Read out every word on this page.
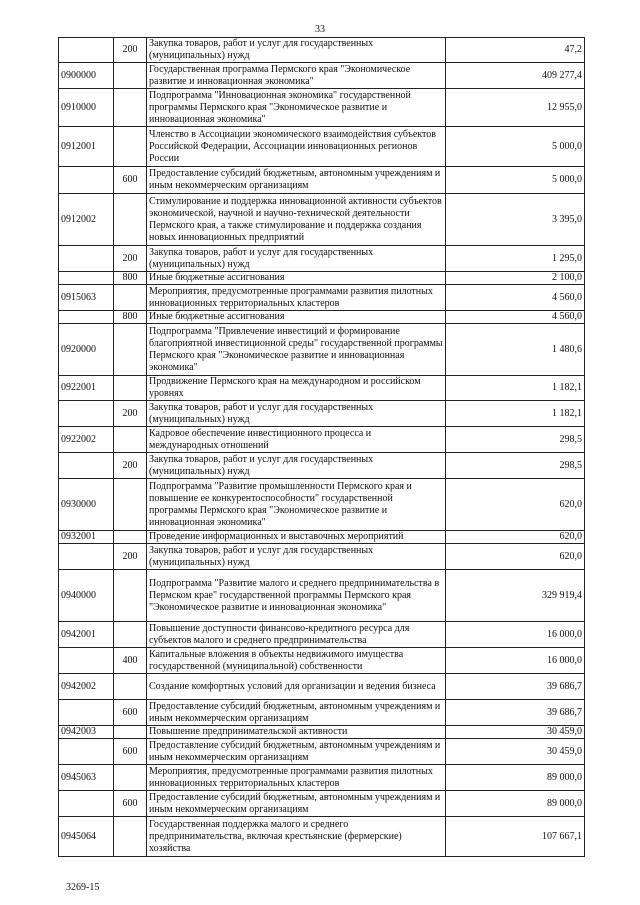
33
	200	Закупка товаров, работ и услуг для государственных (муниципальных) нужд	47,2
0900000		Государственная программа Пермского края "Экономическое развитие и инновационная экономика"	409 277,4
0910000		Подпрограмма "Инновационная экономика" государственной программы Пермского края "Экономическое развитие и инновационная экономика"	12 955,0
0912001		Членство в Ассоциации экономического взаимодействия субъектов Российской Федерации, Ассоциации инновационных регионов России	5 000,0
	600	Предоставление субсидий бюджетным, автономным учреждениям и иным некоммерческим организациям	5 000,0
0912002		Стимулирование и поддержка инновационной активности субъектов экономической, научной и научно-технической деятельности Пермского края, а также стимулирование и поддержка создания новых инновационных предприятий	3 395,0
	200	Закупка товаров, работ и услуг для государственных (муниципальных) нужд	1 295,0
	800	Иные бюджетные ассигнования	2 100,0
0915063		Мероприятия, предусмотренные программами развития пилотных инновационных территориальных кластеров	4 560,0
	800	Иные бюджетные ассигнования	4 560,0
0920000		Подпрограмма "Привлечение инвестиций и формирование благоприятной инвестиционной среды" государственной программы Пермского края "Экономическое развитие и инновационная экономика"	1 480,6
0922001		Продвижение Пермского края на международном и российском уровнях	1 182,1
	200	Закупка товаров, работ и услуг для государственных (муниципальных) нужд	1 182,1
0922002		Кадровое обеспечение инвестиционного процесса и международных отношений	298,5
	200	Закупка товаров, работ и услуг для государственных (муниципальных) нужд	298,5
0930000		Подпрограмма "Развитие промышленности Пермского края и повышение ее конкурентоспособности" государственной программы Пермского края "Экономическое развитие и инновационная экономика"	620,0
0932001		Проведение информационных и выставочных мероприятий	620,0
	200	Закупка товаров, работ и услуг для государственных (муниципальных) нужд	620,0
0940000		Подпрограмма "Развитие малого и среднего предпринимательства в Пермском крае" государственной программы Пермского края "Экономическое развитие и инновационная экономика"	329 919,4
0942001		Повышение доступности финансово-кредитного ресурса для субъектов малого и среднего предпринимательства	16 000,0
	400	Капитальные вложения в объекты недвижимого имущества государственной (муниципальной) собственности	16 000,0
0942002		Создание комфортных условий для организации и ведения бизнеса	39 686,7
	600	Предоставление субсидий бюджетным, автономным учреждениям и иным некоммерческим организациям	39 686,7
0942003		Повышение предпринимательской активности	30 459,0
	600	Предоставление субсидий бюджетным, автономным учреждениям и иным некоммерческим организациям	30 459,0
0945063		Мероприятия, предусмотренные программами развития пилотных инновационных территориальных кластеров	89 000,0
	600	Предоставление субсидий бюджетным, автономным учреждениям и иным некоммерческим организациям	89 000,0
0945064		Государственная поддержка малого и среднего предпринимательства, включая крестьянские (фермерские) хозяйства	107 667,1
3269-15
